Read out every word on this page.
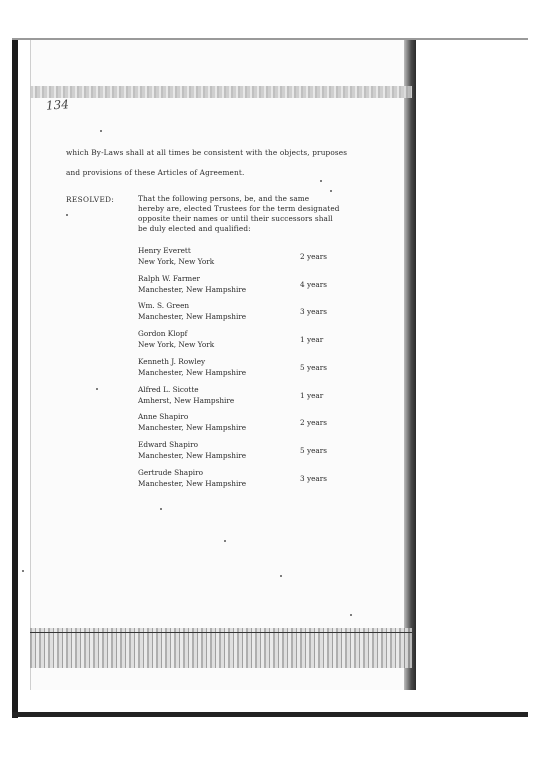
134
which By-Laws shall at all times be consistent with the objects, pruposes
and provisions of these Articles of Agreement.
RESOLVED:	That the following persons, be, and the same
hereby are, elected Trustees for the term designated
opposite their names or until their successors shall
be duly elected and qualified:
Henry Everett
New York, New York
2 years
Ralph W. Farmer
Manchester, New Hampshire
4 years
Wm. S. Green
Manchester, New Hampshire
3 years
Gordon Klopf
New York, New York
1 year
Kenneth J. Rowley
Manchester, New Hampshire
5 years
Alfred L. Sicotte
Amherst, New Hampshire
1 year
Anne Shapiro
Manchester, New Hampshire
2 years
Edward Shapiro
Manchester, New Hampshire
5 years
Gertrude Shapiro
Manchester, New Hampshire
3 years
